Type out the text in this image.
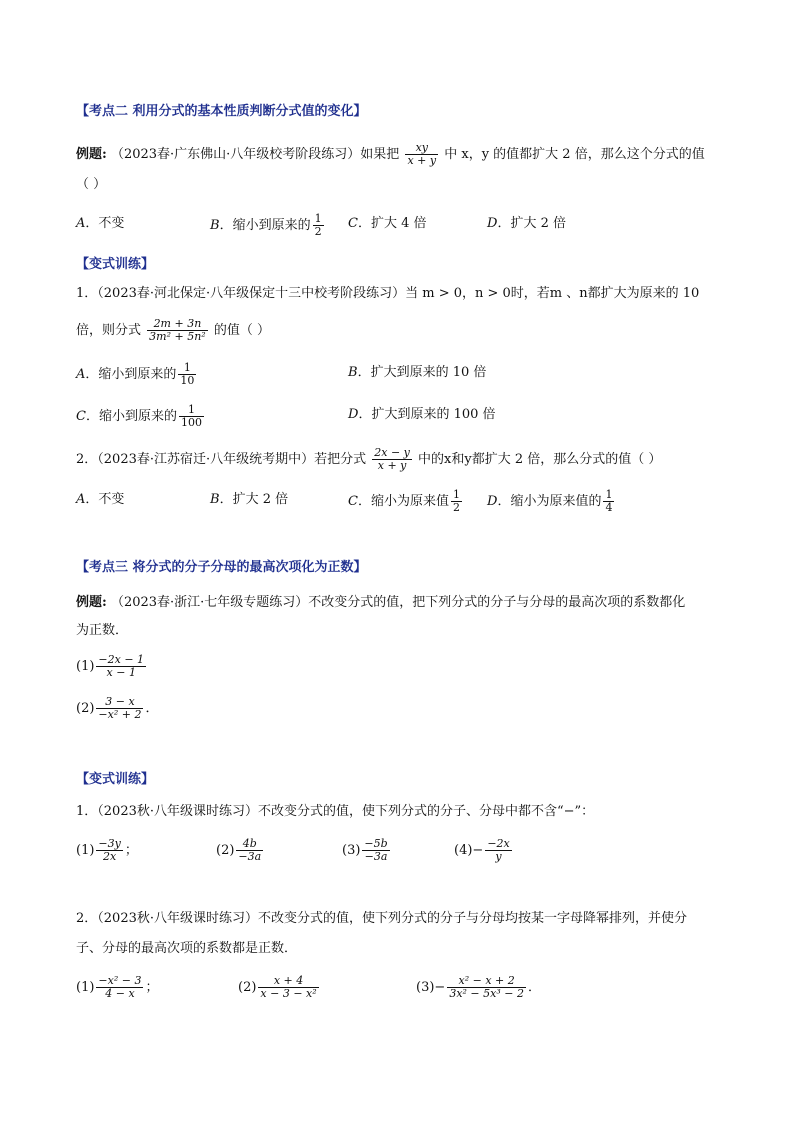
【考点二 利用分式的基本性质判断分式值的变化】
例题: （2023春·广东佛山·八年级校考阶段练习）如果把 $\frac{xy}{x + y}$ 中 x，y 的值都扩大 2 倍，那么这个分式的值
（ ）
A．不变	B．缩小到原来的 $\frac{1}{2}$ C．扩大 4 倍	D．扩大 2 倍
【变式训练】
1．（2023春·河北保定·八年级保定十三中校考阶段练习）当 m > 0，n > 0时，若m 、n都扩大为原来的 10
倍，则分式 $\frac{2m + 3n}{\text{3m² + 5n²}}$ 的值（ ）
A．缩小到原来的 $\frac{1}{10}$	B．扩大到原来的 10 倍
C．缩小到原来的 $\frac{1}{100}$	D．扩大到原来的 100 倍
2．（2023春·江苏宿迁·八年级统考期中）若把分式 $\frac{2x - y}{x + y}$ 中的x和y都扩大 2 倍，那么分式的值（ ）
A．不变	B．扩大 2 倍	C．缩小为原来值 $\frac{1}{2}$ D．缩小为原来值的 $\frac{1}{4}$
【考点三 将分式的分子分母的最高次项化为正数】
例题: （2023春·浙江·七年级专题练习）不改变分式的值，把下列分式的分子与分母的最高次项的系数都化
为正数．
$(1) \frac{-2x - 1}{x - 1}$
$(2) \frac{3 - x}{\text{−x² + 2}}$ ．
【变式训练】
1．（2023秋·八年级课时练习）不改变分式的值，使下列分式的分子、分母中都不含“−”：
$(1) \frac{-3y}{2x}$ ；	$(2) \frac{4b}{-3a}$	$(3) \frac{-5b}{-3a}$	$(4)- \frac{-2x}{y}$
2．（2023秋·八年级课时练习）不改变分式的值，使下列分式的分子与分母均按某一字母降幂排列，并使分
子、分母的最高次项的系数都是正数．
$(1) \frac{\text{−x² − 3}}{4 - x}$ ；	$(2) \frac{x + 4}{\text{x − 3 − x²}}$	$(3)- \frac{\text{x² − x + 2}}{\text{3x² − 5x³ − 2}}$ ．
